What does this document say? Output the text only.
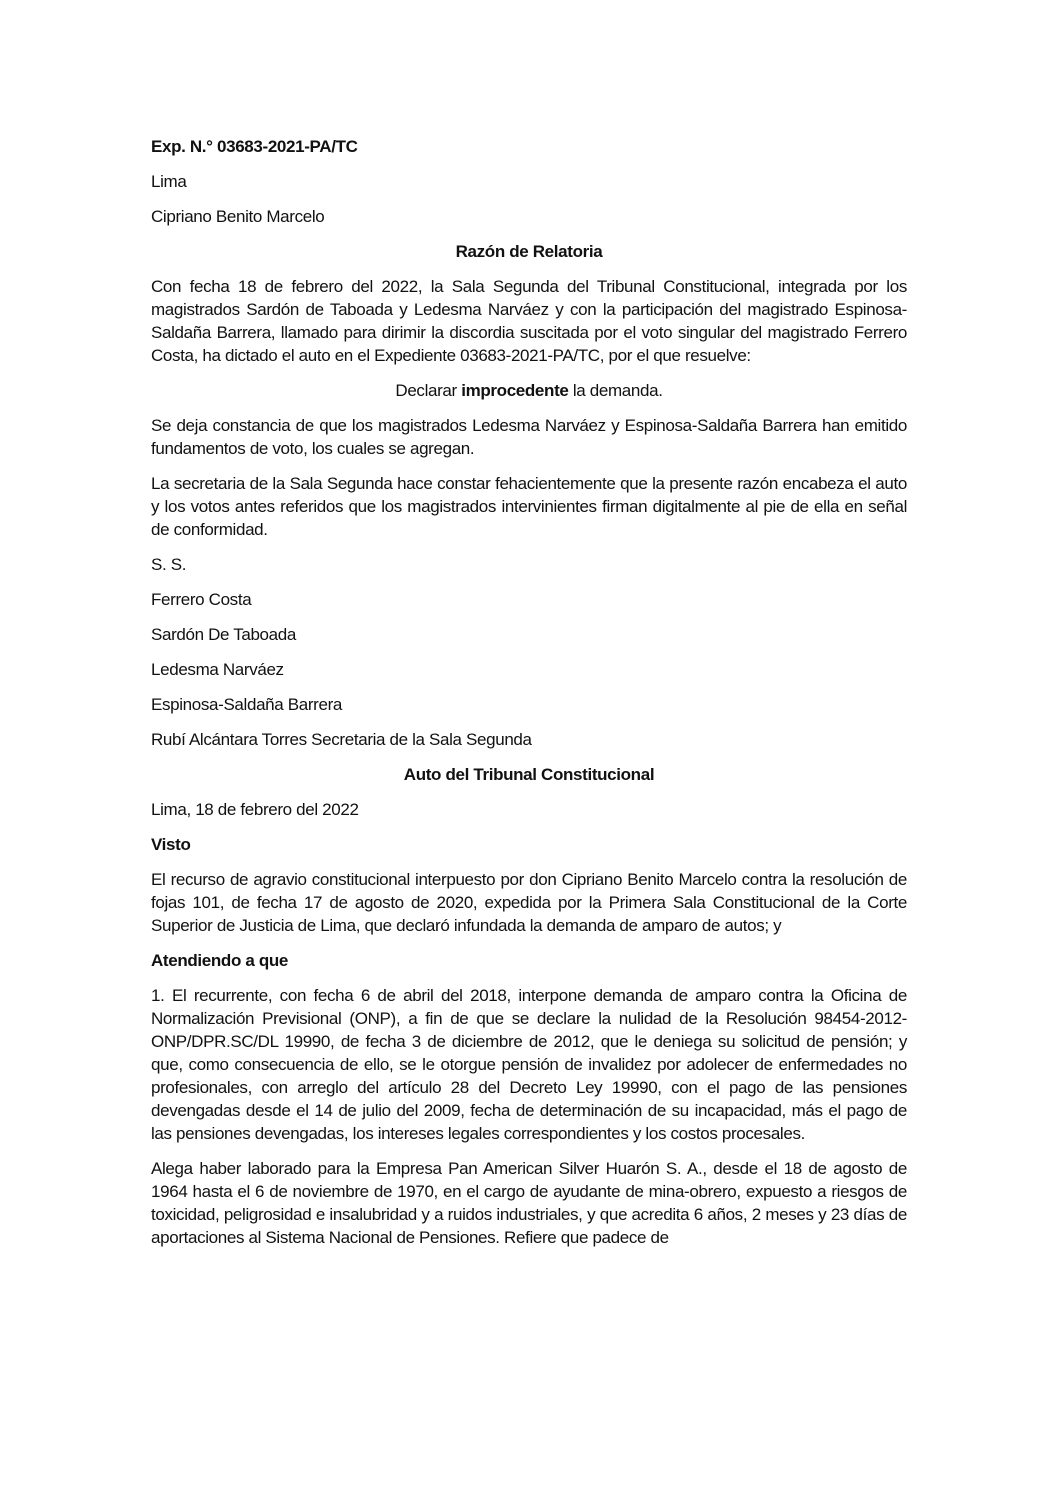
Exp. N.° 03683-2021-PA/TC

Lima

Cipriano Benito Marcelo

Razón de Relatoria

Con fecha 18 de febrero del 2022, la Sala Segunda del Tribunal Constitucional, integrada por los magistrados Sardón de Taboada y Ledesma Narváez y con la participación del magistrado Espinosa-Saldaña Barrera, llamado para dirimir la discordia suscitada por el voto singular del magistrado Ferrero Costa, ha dictado el auto en el Expediente 03683-2021-PA/TC, por el que resuelve:

Declarar improcedente la demanda.

Se deja constancia de que los magistrados Ledesma Narváez y Espinosa-Saldaña Barrera han emitido fundamentos de voto, los cuales se agregan.

La secretaria de la Sala Segunda hace constar fehacientemente que la presente razón encabeza el auto y los votos antes referidos que los magistrados intervinientes firman digitalmente al pie de ella en señal de conformidad.

S. S.

Ferrero Costa

Sardón De Taboada

Ledesma Narváez

Espinosa-Saldaña Barrera

Rubí Alcántara Torres Secretaria de la Sala Segunda

Auto del Tribunal Constitucional

Lima, 18 de febrero del 2022

Visto

El recurso de agravio constitucional interpuesto por don Cipriano Benito Marcelo contra la resolución de fojas 101, de fecha 17 de agosto de 2020, expedida por la Primera Sala Constitucional de la Corte Superior de Justicia de Lima, que declaró infundada la demanda de amparo de autos; y

Atendiendo a que

1. El recurrente, con fecha 6 de abril del 2018, interpone demanda de amparo contra la Oficina de Normalización Previsional (ONP), a fin de que se declare la nulidad de la Resolución 98454-2012-ONP/DPR.SC/DL 19990, de fecha 3 de diciembre de 2012, que le deniega su solicitud de pensión; y que, como consecuencia de ello, se le otorgue pensión de invalidez por adolecer de enfermedades no profesionales, con arreglo del artículo 28 del Decreto Ley 19990, con el pago de las pensiones devengadas desde el 14 de julio del 2009, fecha de determinación de su incapacidad, más el pago de las pensiones devengadas, los intereses legales correspondientes y los costos procesales.

Alega haber laborado para la Empresa Pan American Silver Huarón S. A., desde el 18 de agosto de 1964 hasta el 6 de noviembre de 1970, en el cargo de ayudante de mina-obrero, expuesto a riesgos de toxicidad, peligrosidad e insalubridad y a ruidos industriales, y que acredita 6 años, 2 meses y 23 días de aportaciones al Sistema Nacional de Pensiones. Refiere que padece de
